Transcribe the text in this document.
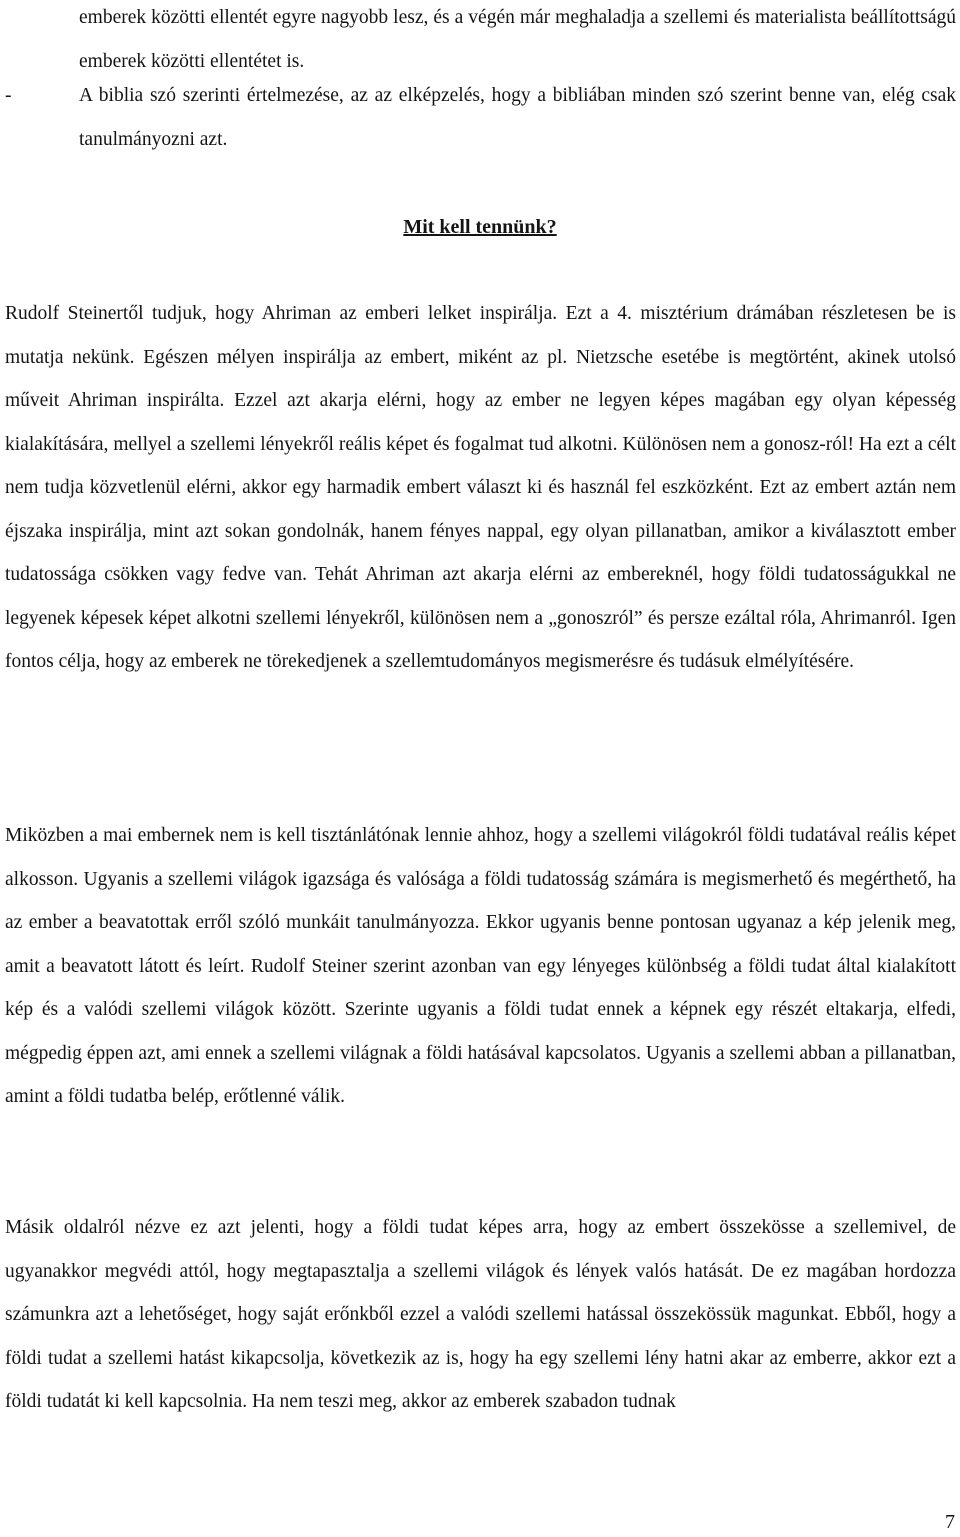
emberek közötti ellentét egyre nagyobb lesz, és a végén már meghaladja a szellemi és materialista beállítottságú emberek közötti ellentétet is.

-	A biblia szó szerinti értelmezése, az az elképzelés, hogy a bibliában minden szó szerint benne van, elég csak tanulmányozni azt.

Mit kell tennünk?

Rudolf Steinertől tudjuk, hogy Ahriman az emberi lelket inspirálja. Ezt a 4. misztérium drámában részletesen be is mutatja nekünk. Egészen mélyen inspirálja az embert, miként az pl. Nietzsche esetébe is megtörtént, akinek utolsó műveit Ahriman inspirálta. Ezzel azt akarja elérni, hogy az ember ne legyen képes magában egy olyan képesség kialakítására, mellyel a szellemi lényekről reális képet és fogalmat tud alkotni. Különösen nem a gonosz-ról! Ha ezt a célt nem tudja közvetlenül elérni, akkor egy harmadik embert választ ki és használ fel eszközként. Ezt az embert aztán nem éjszaka inspirálja, mint azt sokan gondolnák, hanem fényes nappal, egy olyan pillanatban, amikor a kiválasztott ember tudatossága csökken vagy fedve van. Tehát Ahriman azt akarja elérni az embereknél, hogy földi tudatosságukkal ne legyenek képesek képet alkotni szellemi lényekről, különösen nem a „gonoszról” és persze ezáltal róla, Ahrimanról. Igen fontos célja, hogy az emberek ne törekedjenek a szellemtudományos megismerésre és tudásuk elmélyítésére.

Miközben a mai embernek nem is kell tisztánlátónak lennie ahhoz, hogy a szellemi világokról földi tudatával reális képet alkosson. Ugyanis a szellemi világok igazsága és valósága a földi tudatosság számára is megismerhető és megérthető, ha az ember a beavatottak erről szóló munkáit tanulmányozza. Ekkor ugyanis benne pontosan ugyanaz a kép jelenik meg, amit a beavatott látott és leírt. Rudolf Steiner szerint azonban van egy lényeges különbség a földi tudat által kialakított kép és a valódi szellemi világok között. Szerinte ugyanis a földi tudat ennek a képnek egy részét eltakarja, elfedi, mégpedig éppen azt, ami ennek a szellemi világnak a földi hatásával kapcsolatos. Ugyanis a szellemi abban a pillanatban, amint a földi tudatba belép, erőtlenné válik.

Másik oldalról nézve ez azt jelenti, hogy a földi tudat képes arra, hogy az embert összekösse a szellemivel, de ugyanakkor megvédi attól, hogy megtapasztalja a szellemi világok és lények valós hatását. De ez magában hordozza számunkra azt a lehetőséget, hogy saját erőnkből ezzel a valódi szellemi hatással összekössük magunkat. Ebből, hogy a földi tudat a szellemi hatást kikapcsolja, következik az is, hogy ha egy szellemi lény hatni akar az emberre, akkor ezt a földi tudatát ki kell kapcsolnia. Ha nem teszi meg, akkor az emberek szabadon tudnak

7
